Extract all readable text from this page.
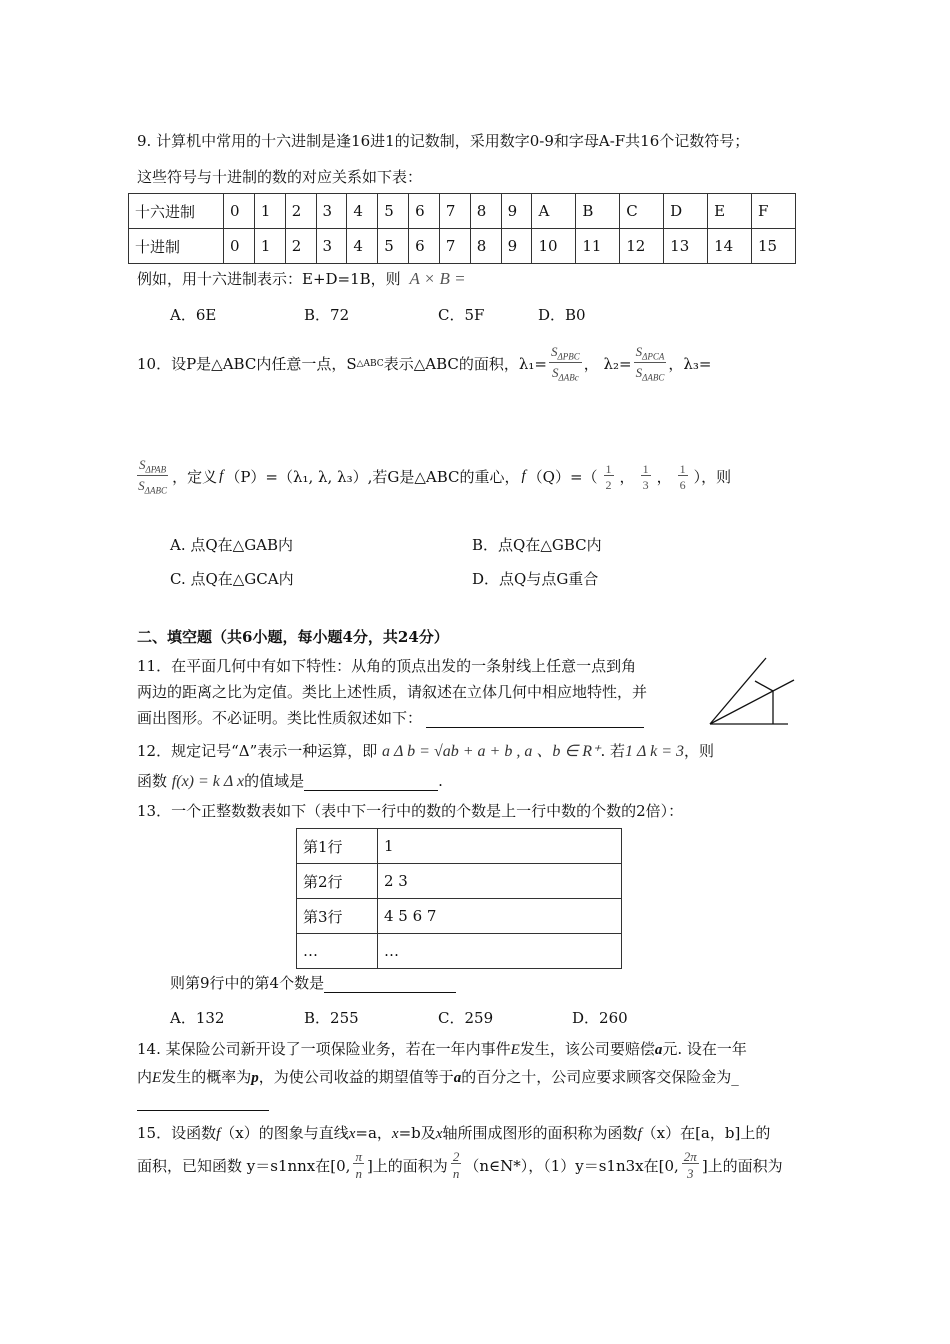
9. 计算机中常用的十六进制是逢16进1的记数制，采用数字0-9和字母A-F共16个记数符号；
这些符号与十进制的数的对应关系如下表：
十六进制	0	1	2	3	4	5	6	7	8	9	A	B	C	D	E	F
十进制	0	1	2	3	4	5	6	7	8	9	10	11	12	13	14	15
例如，用十六进制表示：E+D=1B，则 A × B =
A．6E	B．72	C．5F	D．B0
10．设P是△ABC内任意一点，S △ABC 表示△ABC的面积，λ $_1= \frac{S_{\Delta PBC}}{S_{\Delta ABc}}$ ， $\lambda_2= \frac{S_{\Delta PCA}}{S_{\Delta ABC}}$ ，λ₃=
$\frac{S_{\Delta PAB}}{S_{\Delta ABC}}$ ，定义 f （P）=（λ₁, λ, λ₃）,若G是△ABC的重心， f $(Q)=( \frac{1}{2}$ ， $\frac{1}{3}$ ， $\frac{1}{6}$ ），则
A. 点Q在△GAB内	B．点Q在△GBC内
C. 点Q在△GCA内	D．点Q与点G重合
二、填空题（共6小题，每小题4分，共24分）
11．在平面几何中有如下特性：从角的顶点出发的一条射线上任意一点到角
两边的距离之比为定值。类比上述性质，请叙述在立体几何中相应地特性，并
画出图形。不必证明。类比性质叙述如下：
12．规定记号“Δ”表示一种运算，即 a Δ b = √ab + a + b , a 、b ∈ R⁺. 若1 Δ k = 3，则
函数 f(x) = k Δ x的值域是	.
13．一个正整数数表如下（表中下一行中的数的个数是上一行中数的个数的2倍）：
第1行	1
第2行	2 3
第3行	4 5 6 7
…	…
则第9行中的第4个数是
A．132	B．255	C．259	D．260
14. 某保险公司新开设了一项保险业务，若在一年内事件E发生，该公司要赔偿a元. 设在一年
内E发生的概率为p，为使公司收益的期望值等于a的百分之十，公司应要求顾客交保险金为_
15．设函数f（x）的图象与直线x=a，x=b及x轴所围成图形的面积称为函数f（x）在[a，b]上的
面积，已知函数 y＝s1nnx在[0, $\frac{\pi}{n}$ ]上的面积为 $\frac{2}{n}$ （n∈N*），（1）y＝s1n3x在[0, $\frac{2\pi}{3}$ ]上的面积为
